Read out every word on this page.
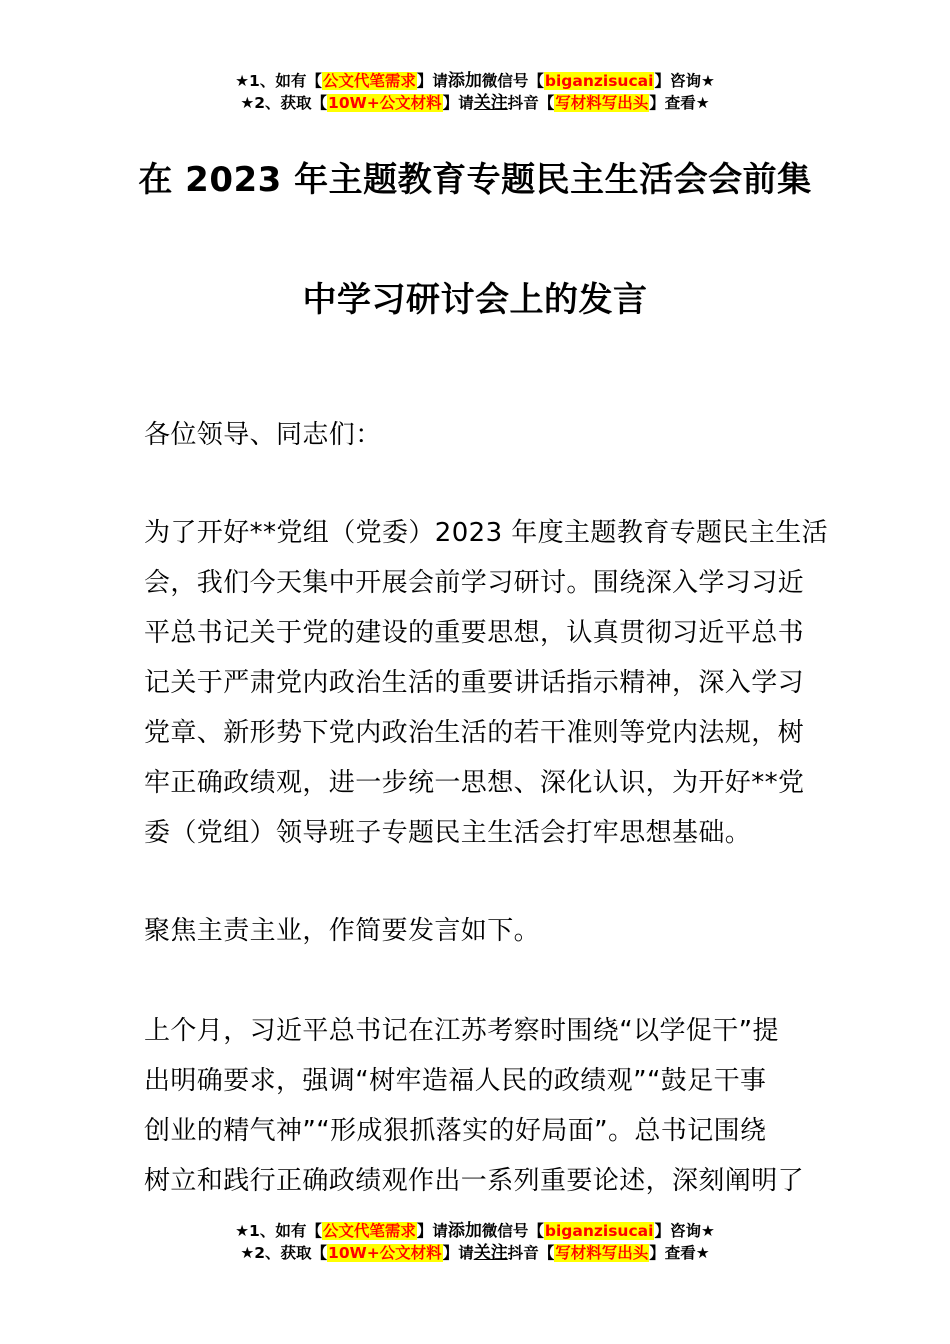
★1、如有【公文代笔需求】请添加微信号【biganzisucai】咨询★
★2、获取【10W+公文材料】请关注抖音【写材料写出头】查看★
在 2023 年主题教育专题民主生活会会前集
中学习研讨会上的发言
各位领导、同志们：
为了开好**党组（党委）2023 年度主题教育专题民主生活
会，我们今天集中开展会前学习研讨。围绕深入学习习近
平总书记关于党的建设的重要思想，认真贯彻习近平总书
记关于严肃党内政治生活的重要讲话指示精神，深入学习
党章、新形势下党内政治生活的若干准则等党内法规，树
牢正确政绩观，进一步统一思想、深化认识，为开好**党
委（党组）领导班子专题民主生活会打牢思想基础。
聚焦主责主业，作简要发言如下。
上个月，习近平总书记在江苏考察时围绕“以学促干”提
出明确要求，强调“树牢造福人民的政绩观”“鼓足干事
创业的精气神”“形成狠抓落实的好局面”。总书记围绕
树立和践行正确政绩观作出一系列重要论述，深刻阐明了
★1、如有【公文代笔需求】请添加微信号【biganzisucai】咨询★
★2、获取【10W+公文材料】请关注抖音【写材料写出头】查看★
